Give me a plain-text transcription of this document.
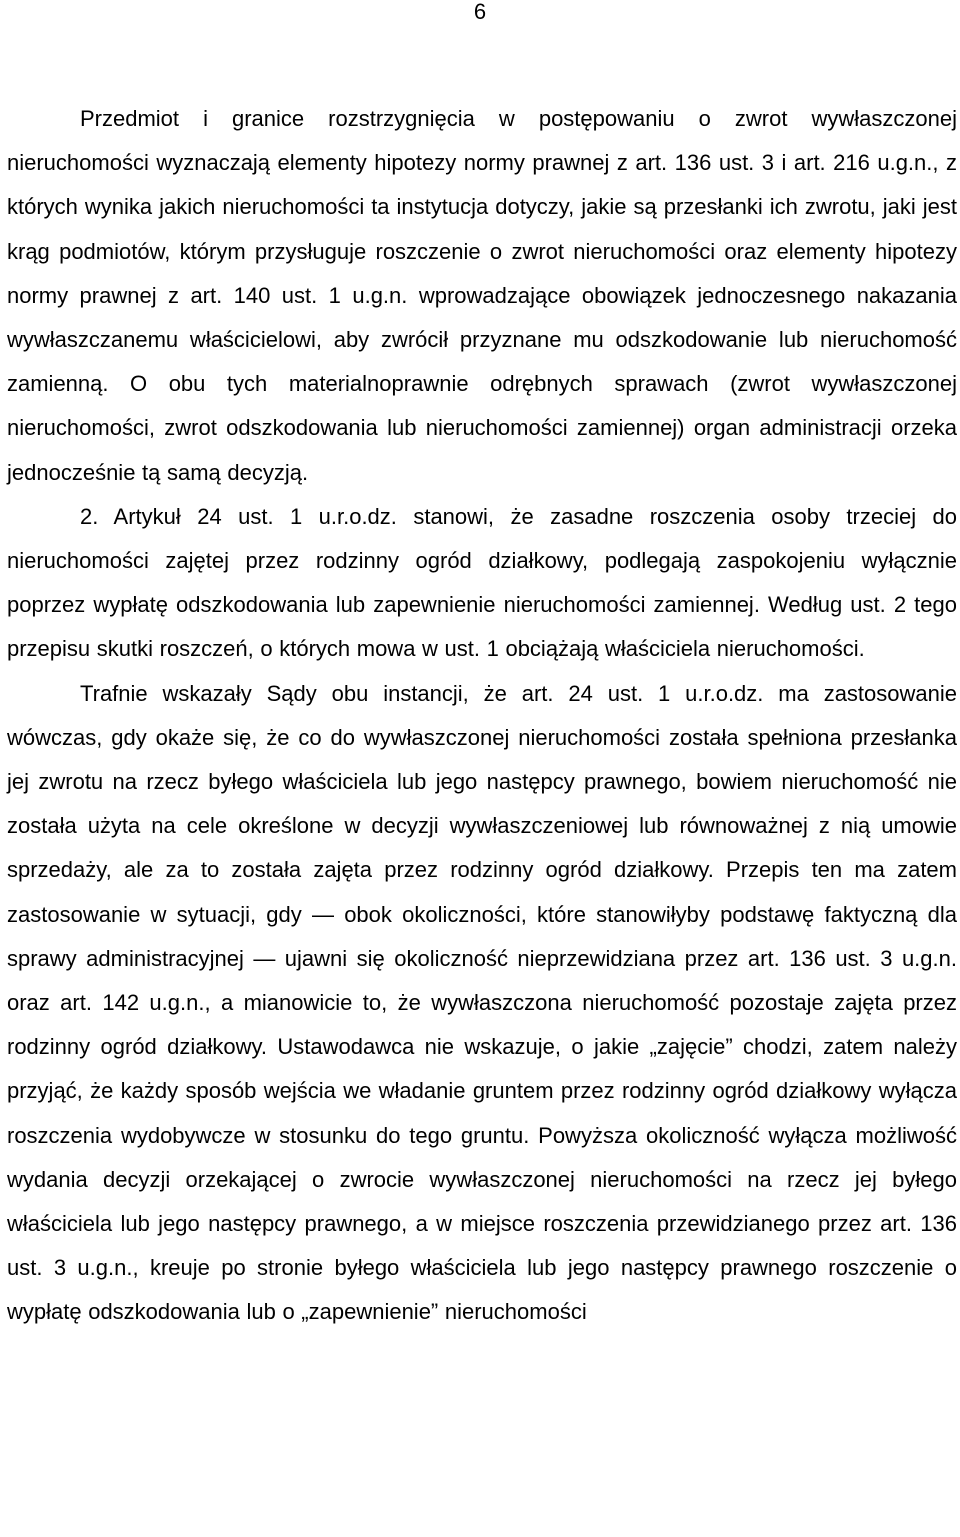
6

Przedmiot i granice rozstrzygnięcia w postępowaniu o zwrot wywłaszczonej nieruchomości wyznaczają elementy hipotezy normy prawnej z art. 136 ust. 3 i art. 216 u.g.n., z których wynika jakich nieruchomości ta instytucja dotyczy, jakie są przesłanki ich zwrotu, jaki jest krąg podmiotów, którym przysługuje roszczenie o zwrot nieruchomości oraz elementy hipotezy normy prawnej z art. 140 ust. 1 u.g.n. wprowadzające obowiązek jednoczesnego nakazania wywłaszczanemu właścicielowi, aby zwrócił przyznane mu odszkodowanie lub nieruchomość zamienną. O obu tych materialnoprawnie odrębnych sprawach (zwrot wywłaszczonej nieruchomości, zwrot odszkodowania lub nieruchomości zamiennej) organ administracji orzeka jednocześnie tą samą decyzją.

2. Artykuł 24 ust. 1 u.r.o.dz. stanowi, że zasadne roszczenia osoby trzeciej do nieruchomości zajętej przez rodzinny ogród działkowy, podlegają zaspokojeniu wyłącznie poprzez wypłatę odszkodowania lub zapewnienie nieruchomości zamiennej. Według ust. 2 tego przepisu skutki roszczeń, o których mowa w ust. 1 obciążają właściciela nieruchomości.

Trafnie wskazały Sądy obu instancji, że art. 24 ust. 1 u.r.o.dz. ma zastosowanie wówczas, gdy okaże się, że co do wywłaszczonej nieruchomości została spełniona przesłanka jej zwrotu na rzecz byłego właściciela lub jego następcy prawnego, bowiem nieruchomość nie została użyta na cele określone w decyzji wywłaszczeniowej lub równoważnej z nią umowie sprzedaży, ale za to została zajęta przez rodzinny ogród działkowy. Przepis ten ma zatem zastosowanie w sytuacji, gdy — obok okoliczności, które stanowiłyby podstawę faktyczną dla sprawy administracyjnej — ujawni się okoliczność nieprzewidziana przez art. 136 ust. 3 u.g.n. oraz art. 142 u.g.n., a mianowicie to, że wywłaszczona nieruchomość pozostaje zajęta przez rodzinny ogród działkowy. Ustawodawca nie wskazuje, o jakie „zajęcie” chodzi, zatem należy przyjąć, że każdy sposób wejścia we władanie gruntem przez rodzinny ogród działkowy wyłącza roszczenia wydobywcze w stosunku do tego gruntu. Powyższa okoliczność wyłącza możliwość wydania decyzji orzekającej o zwrocie wywłaszczonej nieruchomości na rzecz jej byłego właściciela lub jego następcy prawnego, a w miejsce roszczenia przewidzianego przez art. 136 ust. 3 u.g.n., kreuje po stronie byłego właściciela lub jego następcy prawnego roszczenie o wypłatę odszkodowania lub o „zapewnienie” nieruchomości
